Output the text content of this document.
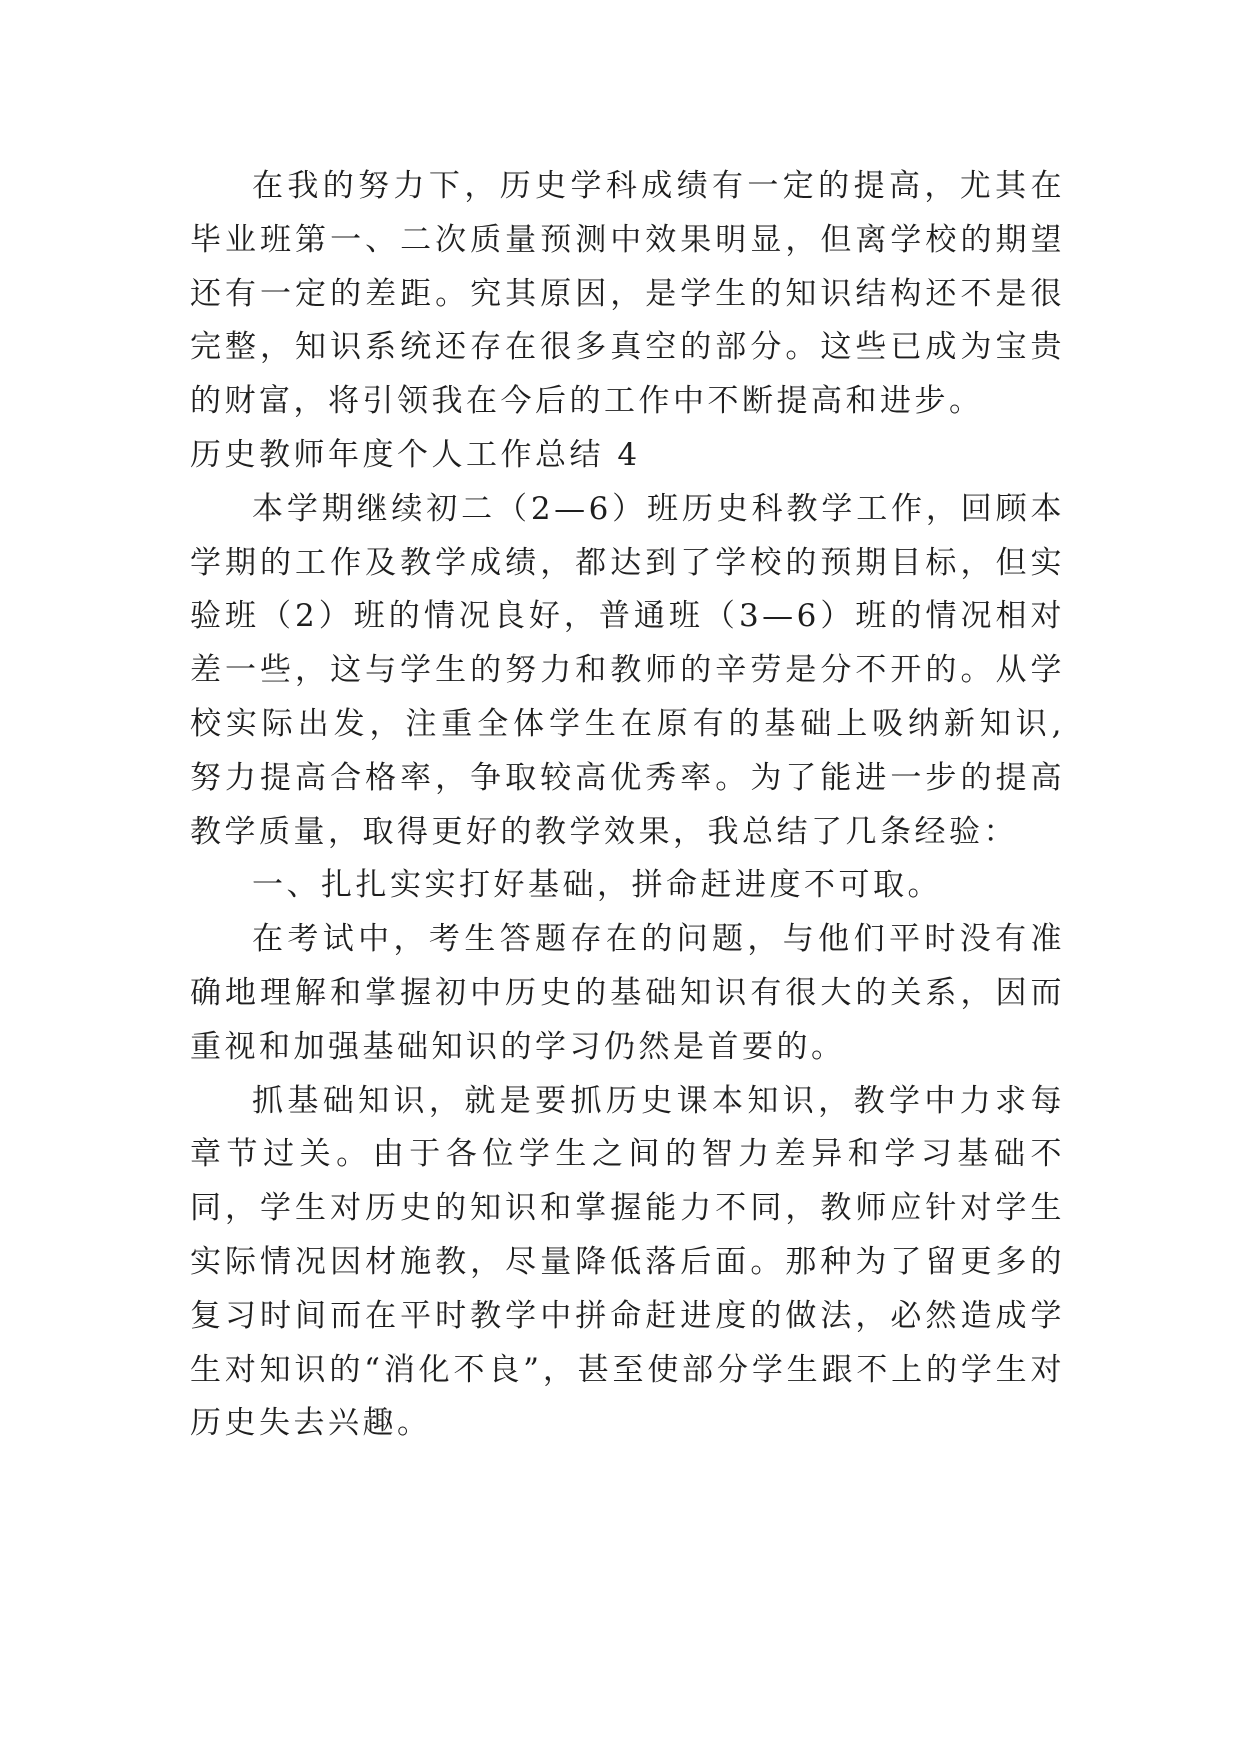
在我的努力下，历史学科成绩有一定的提高，尤其在毕业班第一、二次质量预测中效果明显，但离学校的期望还有一定的差距。究其原因，是学生的知识结构还不是很完整，知识系统还存在很多真空的部分。这些已成为宝贵的财富，将引领我在今后的工作中不断提高和进步。

历史教师年度个人工作总结 4

本学期继续初二（2—6）班历史科教学工作，回顾本学期的工作及教学成绩，都达到了学校的预期目标，但实验班（2）班的情况良好，普通班（3—6）班的情况相对差一些，这与学生的努力和教师的辛劳是分不开的。从学校实际出发，注重全体学生在原有的基础上吸纳新知识,努力提高合格率，争取较高优秀率。为了能进一步的提高教学质量，取得更好的教学效果，我总结了几条经验：

一、扎扎实实打好基础，拼命赶进度不可取。

在考试中，考生答题存在的问题，与他们平时没有准确地理解和掌握初中历史的基础知识有很大的关系，因而重视和加强基础知识的学习仍然是首要的。

抓基础知识，就是要抓历史课本知识，教学中力求每章节过关。由于各位学生之间的智力差异和学习基础不同，学生对历史的知识和掌握能力不同，教师应针对学生实际情况因材施教，尽量降低落后面。那种为了留更多的复习时间而在平时教学中拼命赶进度的做法，必然造成学生对知识的“消化不良”，甚至使部分学生跟不上的学生对历史失去兴趣。
